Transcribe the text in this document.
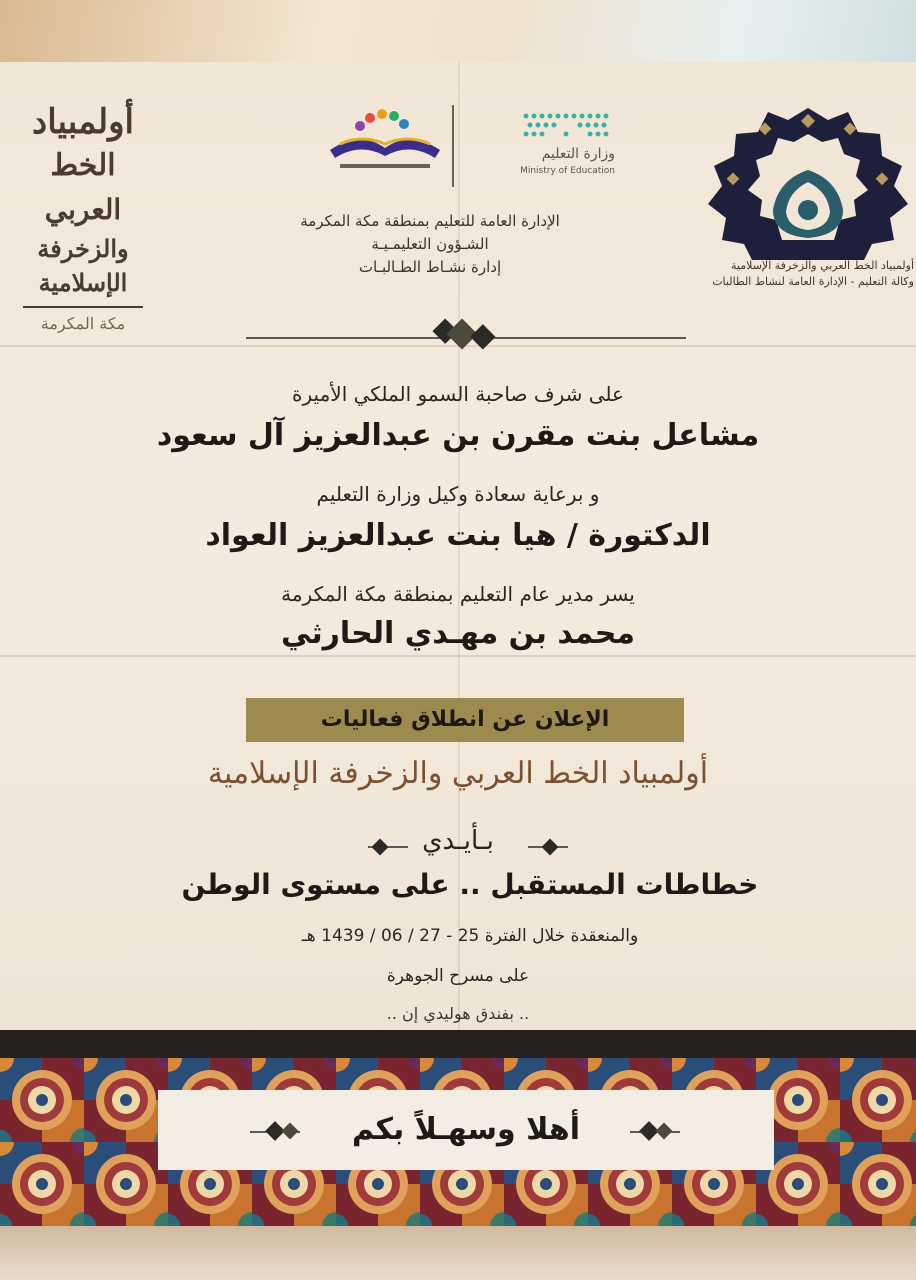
أولمبياد
الخط
العربي
والزخرفة
الإسلامية
مكة المكرمة
وزارة التعليم
Ministry of Education
أولمبياد الخط العربي والزخرفة الإسلامية
وكالة التعليم - الإدارة العامة لنشاط الطالبات
الإدارة العامة للتعليم بمنطقة مكة المكرمة
الشـؤون التعليمـيـة
إدارة نشـاط الطـالبـات
على شرف صاحبة السمو الملكي الأميرة
مشاعل بنت مقرن بن عبدالعزيز آل سعود
و برعاية سعادة وكيل وزارة التعليم
الدكتورة / هيا بنت عبدالعزيز العواد
يسر مدير عام التعليم بمنطقة مكة المكرمة
محمد بن مهـدي الحارثي
الإعلان عن انطلاق فعاليات
أولمبياد الخط العربي والزخرفة الإسلامية
بـأيـدي
خطاطات المستقبل .. على مستوى الوطن
والمنعقدة خلال الفترة 25 - 27 / 06 / 1439 هـ
على مسرح الجوهرة
.. بفندق هوليدي إن ..
أهلا وسهـلاً بكم
